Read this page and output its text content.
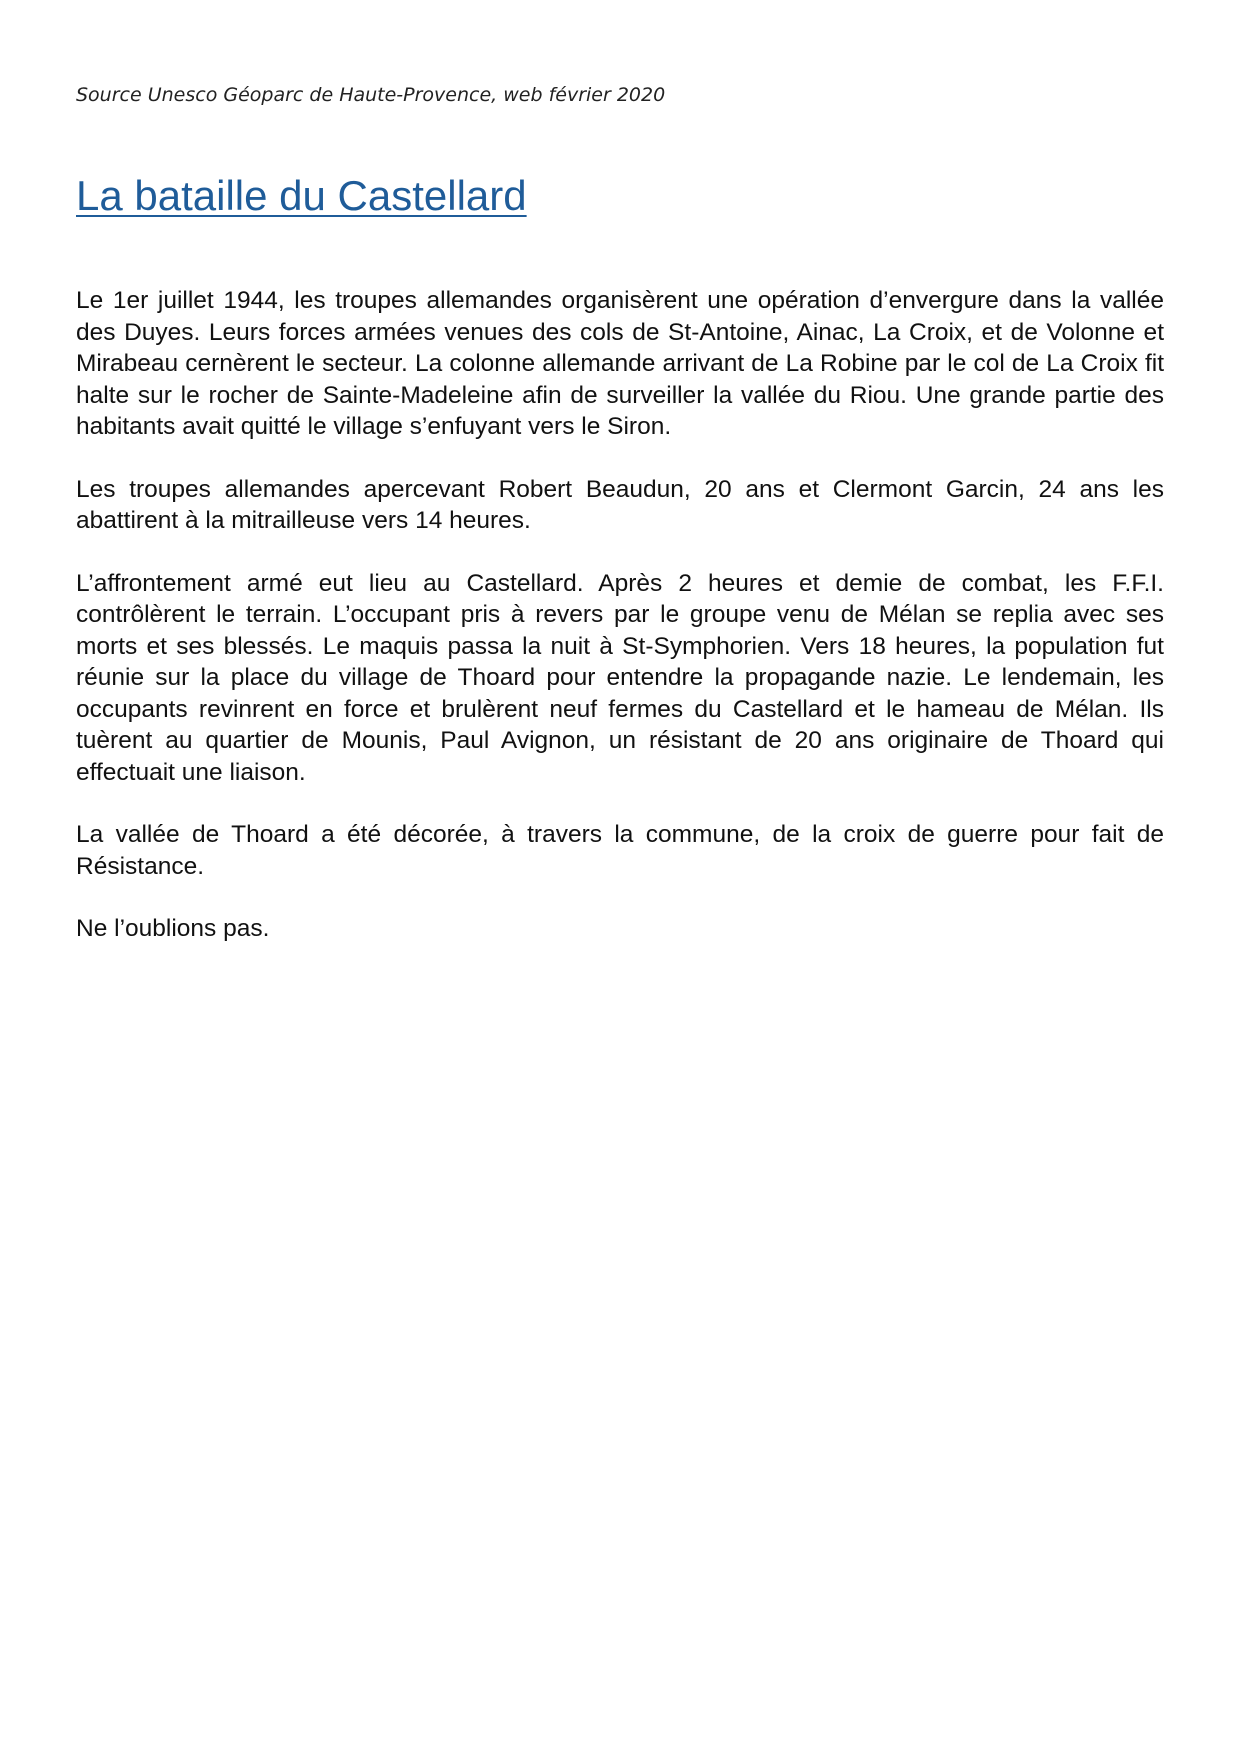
Source Unesco Géoparc de Haute-Provence, web février 2020
La bataille du Castellard

Le 1er juillet 1944, les troupes allemandes organisèrent une opération d’envergure dans la vallée des Duyes. Leurs forces armées venues des cols de St-Antoine, Ainac, La Croix, et de Volonne et Mirabeau cernèrent le secteur. La colonne allemande arrivant de La Robine par le col de La Croix fit halte sur le rocher de Sainte-Madeleine afin de surveiller la vallée du Riou. Une grande partie des habitants avait quitté le village s’enfuyant vers le Siron.

Les troupes allemandes apercevant Robert Beaudun, 20 ans et Clermont Garcin, 24 ans les abattirent à la mitrailleuse vers 14 heures.

L’affrontement armé eut lieu au Castellard. Après 2 heures et demie de combat, les F.F.I. contrôlèrent le terrain. L’occupant pris à revers par le groupe venu de Mélan se replia avec ses morts et ses blessés. Le maquis passa la nuit à St-Symphorien. Vers 18 heures, la population fut réunie sur la place du village de Thoard pour entendre la propagande nazie. Le lendemain, les occupants revinrent en force et brulèrent neuf fermes du Castellard et le hameau de Mélan. Ils tuèrent au quartier de Mounis, Paul Avignon, un résistant de 20 ans originaire de Thoard qui effectuait une liaison.

La vallée de Thoard a été décorée, à travers la commune, de la croix de guerre pour fait de Résistance.

Ne l’oublions pas.
